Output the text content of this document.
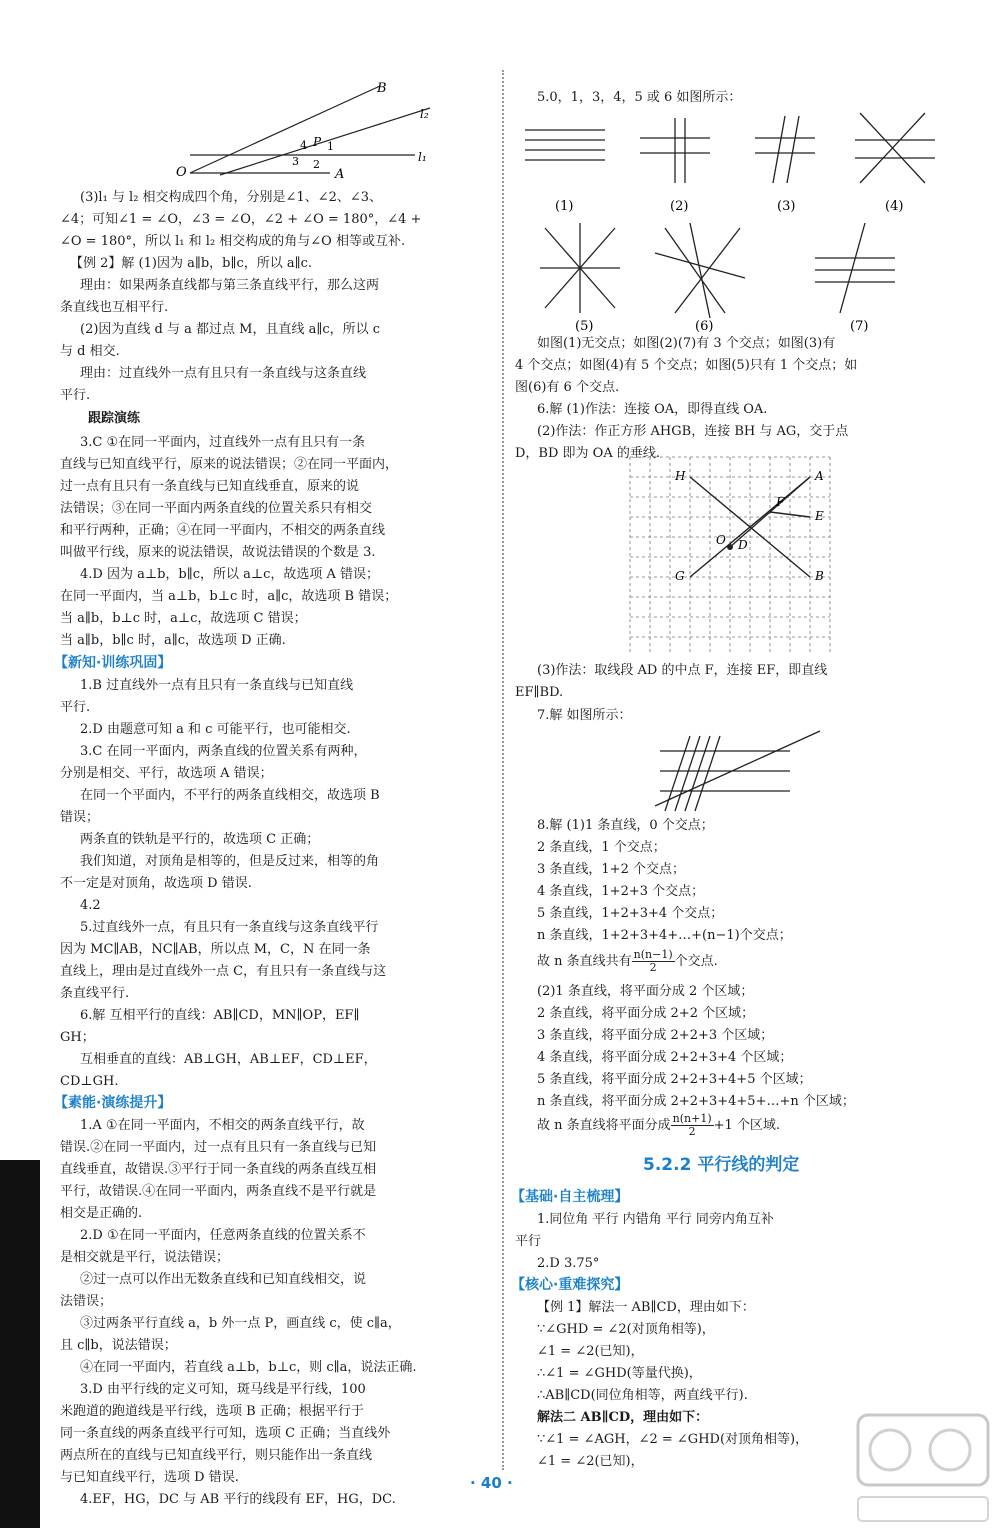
B
l₂
P
4 1
3 2
O	A
l₁
(3)l₁ 与 l₂ 相交构成四个角，分别是∠1、∠2、∠3、
∠4；可知∠1 = ∠O，∠3 = ∠O，∠2 + ∠O = 180°，∠4 +
∠O = 180°，所以 l₁ 和 l₂ 相交构成的角与∠O 相等或互补.
【例 2】解 (1)因为 a∥b，b∥c，所以 a∥c.
理由：如果两条直线都与第三条直线平行，那么这两
条直线也互相平行.
(2)因为直线 d 与 a 都过点 M，且直线 a∥c，所以 c
与 d 相交.
理由：过直线外一点有且只有一条直线与这条直线
平行.
跟踪演练
3.C ①在同一平面内，过直线外一点有且只有一条
直线与已知直线平行，原来的说法错误；②在同一平面内，
过一点有且只有一条直线与已知直线垂直，原来的说
法错误；③在同一平面内两条直线的位置关系只有相交
和平行两种，正确；④在同一平面内，不相交的两条直线
叫做平行线，原来的说法错误，故说法错误的个数是 3.
4.D 因为 a⊥b，b∥c，所以 a⊥c，故选项 A 错误；
在同一平面内，当 a⊥b，b⊥c 时，a∥c，故选项 B 错误；
当 a∥b，b⊥c 时，a⊥c，故选项 C 错误；
当 a∥b，b∥c 时，a∥c，故选项 D 正确.
【新知·训练巩固】
1.B 过直线外一点有且只有一条直线与已知直线
平行.
2.D 由题意可知 a 和 c 可能平行，也可能相交.
3.C 在同一平面内，两条直线的位置关系有两种，
分别是相交、平行，故选项 A 错误；
在同一个平面内，不平行的两条直线相交，故选项 B
错误；
两条直的铁轨是平行的，故选项 C 正确；
我们知道，对顶角是相等的，但是反过来，相等的角
不一定是对顶角，故选项 D 错误.
4.2
5.过直线外一点，有且只有一条直线与这条直线平行
因为 MC∥AB，NC∥AB，所以点 M，C，N 在同一条
直线上，理由是过直线外一点 C，有且只有一条直线与这
条直线平行.
6.解 互相平行的直线：AB∥CD，MN∥OP，EF∥
GH；
互相垂直的直线：AB⊥GH，AB⊥EF，CD⊥EF，
CD⊥GH.
【素能·演练提升】
1.A ①在同一平面内，不相交的两条直线平行，故
错误.②在同一平面内，过一点有且只有一条直线与已知
直线垂直，故错误.③平行于同一条直线的两条直线互相
平行，故错误.④在同一平面内，两条直线不是平行就是
相交是正确的.
2.D ①在同一平面内，任意两条直线的位置关系不
是相交就是平行，说法错误；
②过一点可以作出无数条直线和已知直线相交，说
法错误；
③过两条平行直线 a，b 外一点 P，画直线 c，使 c∥a，
且 c∥b，说法错误；
④在同一平面内，若直线 a⊥b，b⊥c，则 c∥a，说法正确.
3.D 由平行线的定义可知，斑马线是平行线，100
米跑道的跑道线是平行线，选项 B 正确；根据平行于
同一条直线的两条直线平行可知，选项 C 正确；当直线外
两点所在的直线与已知直线平行，则只能作出一条直线
与已知直线平行，选项 D 错误.
4.EF，HG，DC 与 AB 平行的线段有 EF，HG，DC.
5.0，1，3，4，5 或 6 如图所示：
(1)	(2)	(3)	(4)
(5)	(6)	(7)
如图(1)无交点；如图(2)(7)有 3 个交点；如图(3)有
4 个交点；如图(4)有 5 个交点；如图(5)只有 1 个交点；如
图(6)有 6 个交点.
6.解 (1)作法：连接 OA，即得直线 OA.
(2)作法：作正方形 AHGB，连接 BH 与 AG，交于点
D，BD 即为 OA 的垂线.
H	A
F
E
O D
G	B
(3)作法：取线段 AD 的中点 F，连接 EF，即直线
EF∥BD.
7.解 如图所示：
8.解 (1)1 条直线，0 个交点；
2 条直线，1 个交点；
3 条直线，1+2 个交点；
4 条直线，1+2+3 个交点；
5 条直线，1+2+3+4 个交点；
n 条直线，1+2+3+4+…+(n−1)个交点；
故 n 条直线共有 $\frac{n(n-1)}{2}$ 个交点.
(2)1 条直线，将平面分成 2 个区域；
2 条直线，将平面分成 2+2 个区域；
3 条直线，将平面分成 2+2+3 个区域；
4 条直线，将平面分成 2+2+3+4 个区域；
5 条直线，将平面分成 2+2+3+4+5 个区域；
n 条直线，将平面分成 2+2+3+4+5+…+n 个区域；
故 n 条直线将平面分成 $\frac{n(n+1)}{2} +1$ 个区域.
5.2.2 平行线的判定
【基础·自主梳理】
1.同位角 平行 内错角 平行 同旁内角互补
平行
2.D 3.75°
【核心·重难探究】
【例 1】解法一 AB∥CD，理由如下：
∵∠GHD = ∠2(对顶角相等)，
∠1 = ∠2(已知)，
∴∠1 = ∠GHD(等量代换)，
∴AB∥CD(同位角相等，两直线平行).
解法二 AB∥CD，理由如下：
∵∠1 = ∠AGH，∠2 = ∠GHD(对顶角相等)，
∠1 = ∠2(已知)，
· 40 ·
